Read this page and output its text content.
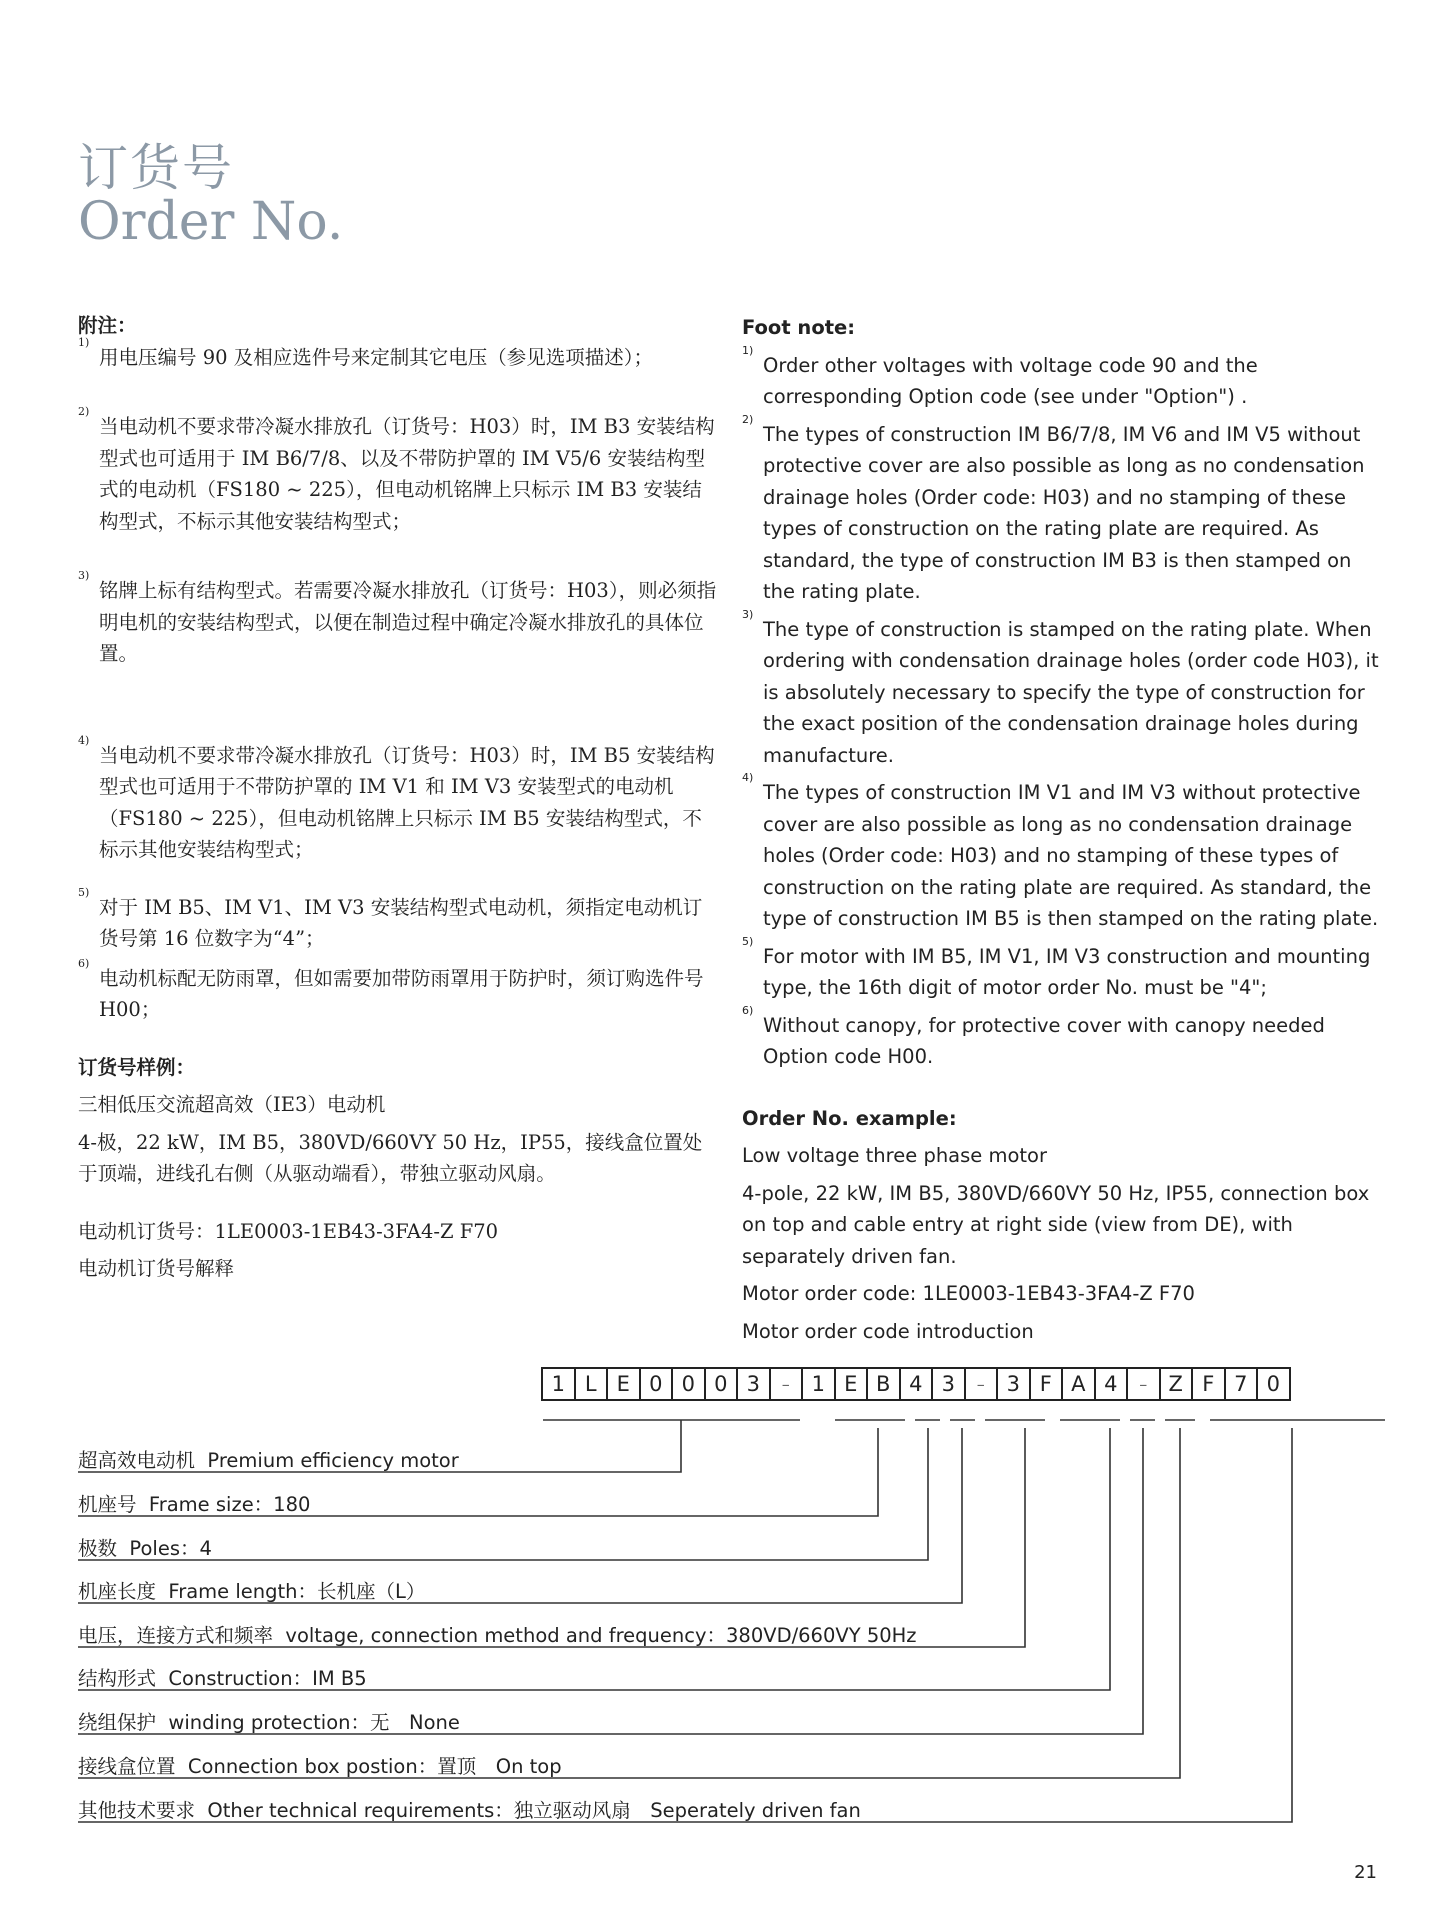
订货号
Order No.
附注：
1)
用电压编号 90 及相应选件号来定制其它电压（参见选项描述）；
2)
当电动机不要求带冷凝水排放孔（订货号：H03）时，IM B3 安装结构型式也可适用于 IM B6/7/8、以及不带防护罩的 IM V5/6 安装结构型式的电动机（FS180 ~ 225），但电动机铭牌上只标示 IM B3 安装结构型式，不标示其他安装结构型式；
3)
铭牌上标有结构型式。若需要冷凝水排放孔（订货号：H03），则必须指明电机的安装结构型式，以便在制造过程中确定冷凝水排放孔的具体位置。
4)
当电动机不要求带冷凝水排放孔（订货号：H03）时，IM B5 安装结构型式也可适用于不带防护罩的 IM V1 和 IM V3 安装型式的电动机（FS180 ~ 225），但电动机铭牌上只标示 IM B5 安装结构型式，不标示其他安装结构型式；
5)
对于 IM B5、IM V1、IM V3 安装结构型式电动机，须指定电动机订货号第 16 位数字为“4”；
6)
电动机标配无防雨罩，但如需要加带防雨罩用于防护时，须订购选件号 H00；
订货号样例：
三相低压交流超高效（IE3）电动机
4-极，22 kW，IM B5，380VD/660VY 50 Hz，IP55，接线盒位置处于顶端，进线孔右侧（从驱动端看），带独立驱动风扇。
电动机订货号：1LE0003-1EB43-3FA4-Z F70
电动机订货号解释
Foot note:
1)
Order other voltages with voltage code 90 and the corresponding Option code (see under "Option") .
2)
The types of construction IM B6/7/8, IM V6 and IM V5 without protective cover are also possible as long as no condensation drainage holes (Order code: H03) and no stamping of these types of construction on the rating plate are required. As standard, the type of construction IM B3 is then stamped on the rating plate.
3)
The type of construction is stamped on the rating plate. When ordering with condensation drainage holes (order code H03), it is absolutely necessary to specify the type of construction for the exact position of the condensation drainage holes during manufacture.
4)
The types of construction IM V1 and IM V3 without protective cover are also possible as long as no condensation drainage holes (Order code: H03) and no stamping of these types of construction on the rating plate are required. As standard, the type of construction IM B5 is then stamped on the rating plate.
5)
For motor with IM B5, IM V1, IM V3 construction and mounting type, the 16th digit of motor order No. must be "4";
6)
Without canopy, for protective cover with canopy needed Option code H00.
Order No. example:
Low voltage three phase motor
4-pole, 22 kW, IM B5, 380VD/660VY 50 Hz, IP55, connection box on top and cable entry at right side (view from DE), with separately driven fan.
Motor order code: 1LE0003-1EB43-3FA4-Z F70
Motor order code introduction
1 L E 0 0 0 3	–	1 E B 4 3	–	3 F A 4	–	Z F 7 0
超高效电动机 Premium efficiency motor
机座号 Frame size：180
极数 Poles：4
机座长度 Frame length：长机座（L）
电压，连接方式和频率 voltage, connection method and frequency：380VD/660VY 50Hz
结构形式 Construction：IM B5
绕组保护 winding protection：无　None
接线盒位置 Connection box postion：置顶　On top
其他技术要求 Other technical requirements：独立驱动风扇　Seperately driven fan
21
